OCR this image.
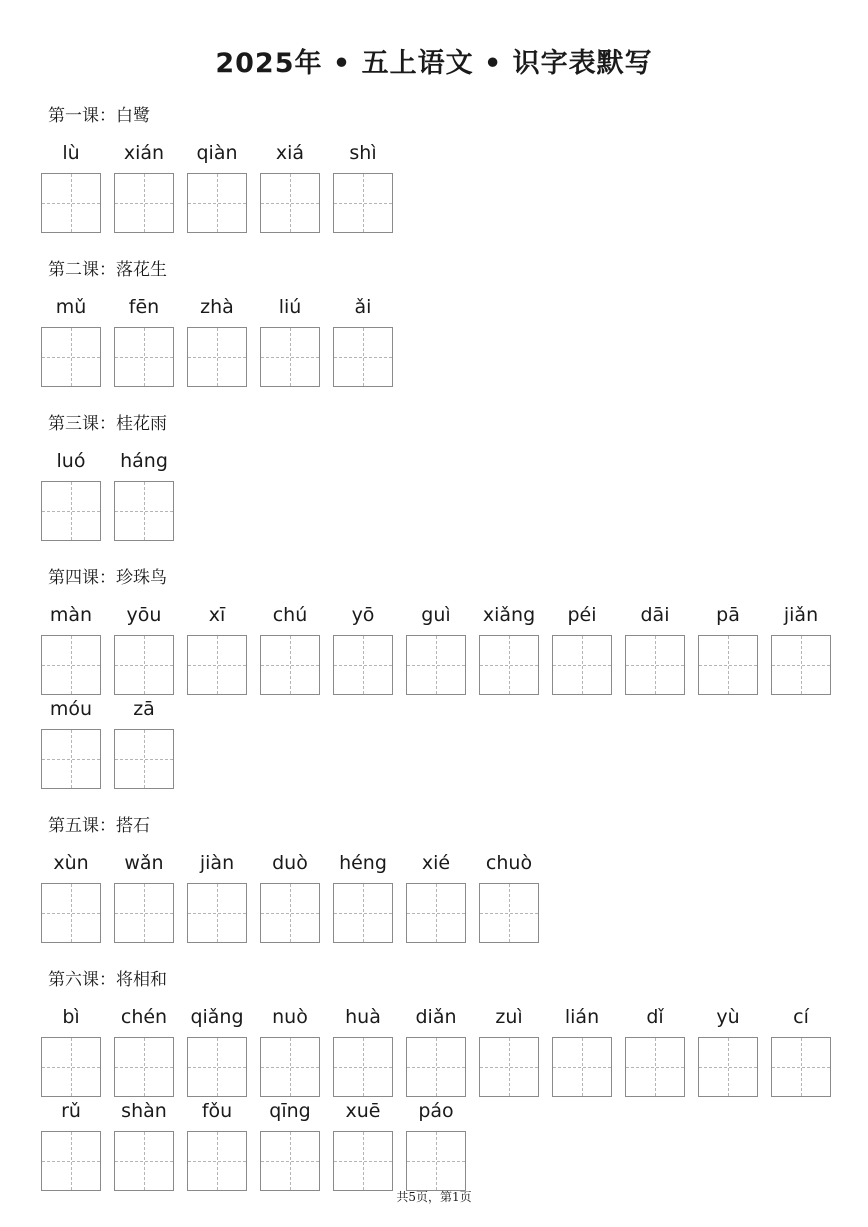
2025年 • 五上语文 • 识字表默写
第一课：白鹭
lù	xián	qiàn	xiá	shì
第二课：落花生
mǔ	fēn	zhà	liú	ǎi
第三课：桂花雨
luó	háng
第四课：珍珠鸟
màn	yōu	xī	chú	yō	guì	xiǎng	péi	dāi	pā	jiǎn
móu	zā
第五课：搭石
xùn	wǎn	jiàn	duò	héng	xié	chuò
第六课：将相和
bì	chén	qiǎng	nuò	huà	diǎn	zuì	lián	dǐ	yù	cí
rǔ	shàn	fǒu	qīng	xuē	páo
共5页，第1页
